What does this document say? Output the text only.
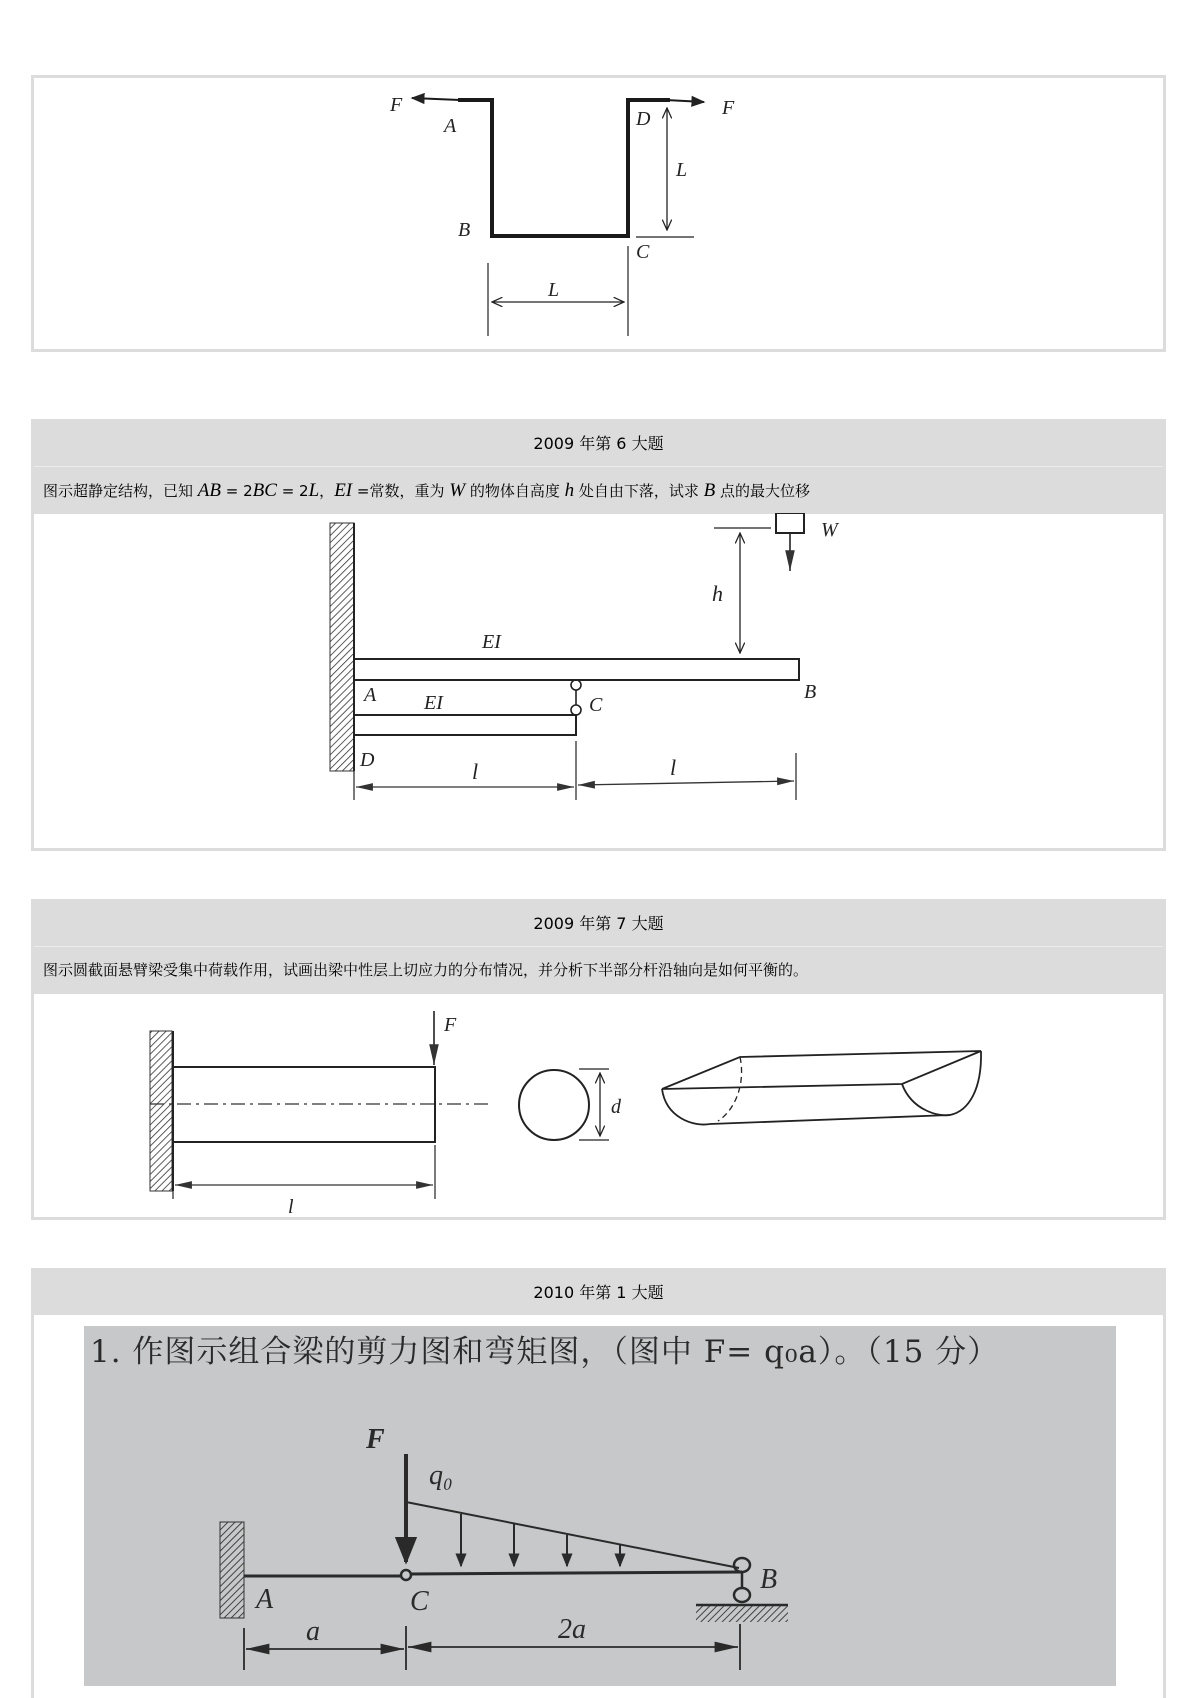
F	F
A	D
B
C
L
L
2009 年第 6 大题
图示超静定结构，已知 AB = 2BC = 2L，EI =常数，重为 W 的物体自高度 h 处自由下落，试求 B 点的最大位移
W
h
EI
EI
A	B
C
D	l	l
2009 年第 7 大题
图示圆截面悬臂梁受集中荷载作用，试画出梁中性层上切应力的分布情况，并分析下半部分杆沿轴向是如何平衡的。
F
d
l
2010 年第 1 大题
1. 作图示组合梁的剪力图和弯矩图，（图中 F= q₀a）。（15 分）
F
q₀
A	C
B
a	2a
